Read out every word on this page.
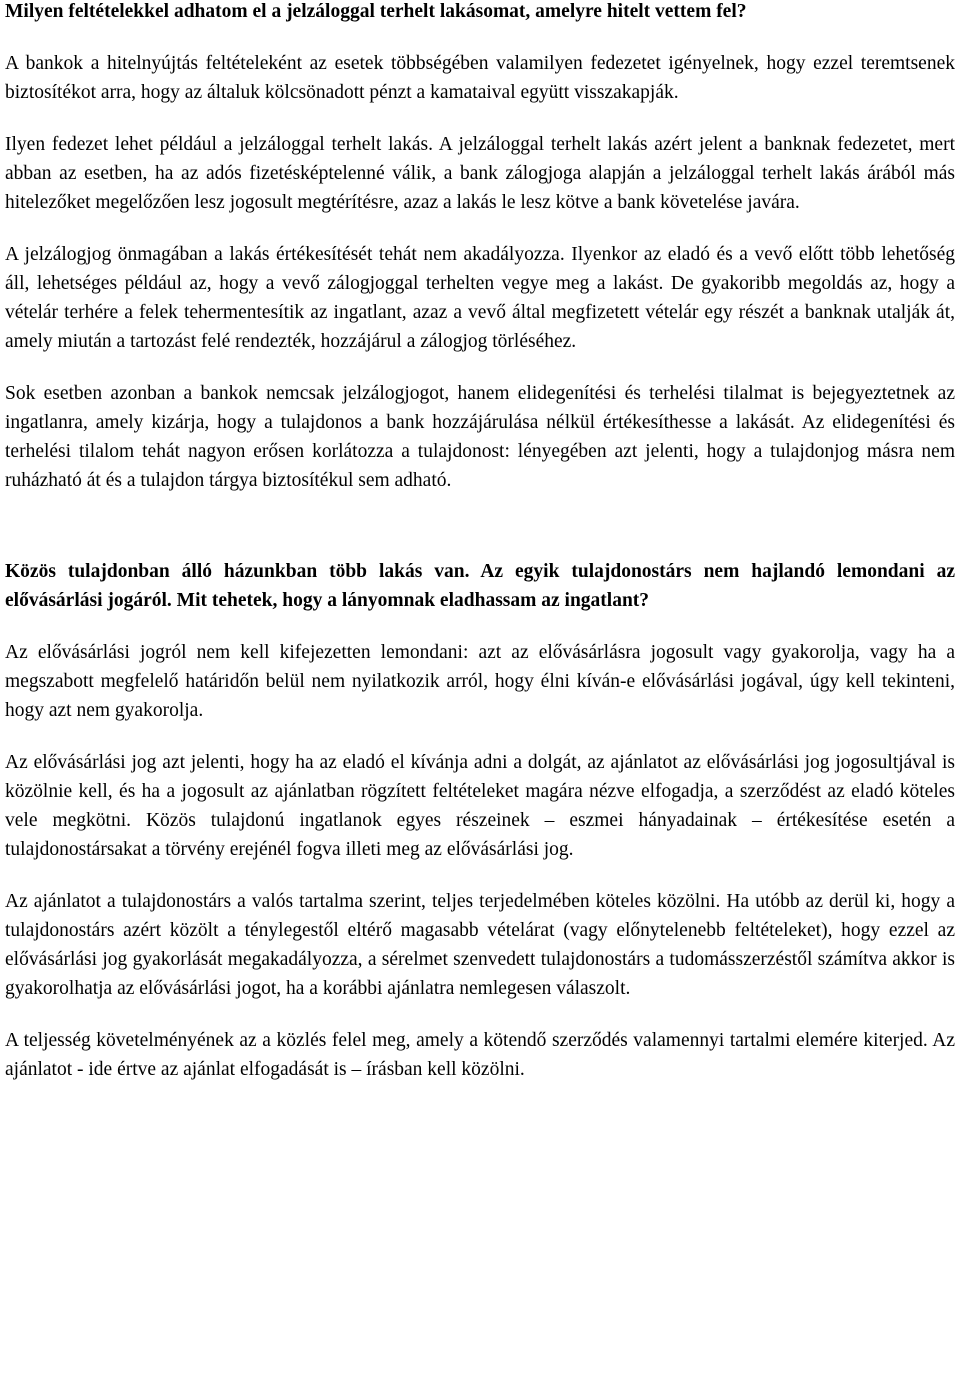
Milyen feltételekkel adhatom el a jelzáloggal terhelt lakásomat, amelyre hitelt vettem fel?

A bankok a hitelnyújtás feltételeként az esetek többségében valamilyen fedezetet igényelnek, hogy ezzel teremtsenek biztosítékot arra, hogy az általuk kölcsönadott pénzt a kamataival együtt visszakapják.

Ilyen fedezet lehet például a jelzáloggal terhelt lakás. A jelzáloggal terhelt lakás azért jelent a banknak fedezetet, mert abban az esetben, ha az adós fizetésképtelenné válik, a bank zálogjoga alapján a jelzáloggal terhelt lakás árából más hitelezőket megelőzően lesz jogosult megtérítésre, azaz a lakás le lesz kötve a bank követelése javára.

A jelzálogjog önmagában a lakás értékesítését tehát nem akadályozza. Ilyenkor az eladó és a vevő előtt több lehetőség áll, lehetséges például az, hogy a vevő zálogjoggal terhelten vegye meg a lakást. De gyakoribb megoldás az, hogy a vételár terhére a felek tehermentesítik az ingatlant, azaz a vevő által megfizetett vételár egy részét a banknak utalják át, amely miután a tartozást felé rendezték, hozzájárul a zálogjog törléséhez.

Sok esetben azonban a bankok nemcsak jelzálogjogot, hanem elidegenítési és terhelési tilalmat is bejegyeztetnek az ingatlanra, amely kizárja, hogy a tulajdonos a bank hozzájárulása nélkül értékesíthesse a lakását. Az elidegenítési és terhelési tilalom tehát nagyon erősen korlátozza a tulajdonost: lényegében azt jelenti, hogy a tulajdonjog másra nem ruházható át és a tulajdon tárgya biztosítékul sem adható.

Közös tulajdonban álló házunkban több lakás van. Az egyik tulajdonostárs nem hajlandó lemondani az elővásárlási jogáról. Mit tehetek, hogy a lányomnak eladhassam az ingatlant?

Az elővásárlási jogról nem kell kifejezetten lemondani: azt az elővásárlásra jogosult vagy gyakorolja, vagy ha a megszabott megfelelő határidőn belül nem nyilatkozik arról, hogy élni kíván-e elővásárlási jogával, úgy kell tekinteni, hogy azt nem gyakorolja.

Az elővásárlási jog azt jelenti, hogy ha az eladó el kívánja adni a dolgát, az ajánlatot az elővásárlási jog jogosultjával is közölnie kell, és ha a jogosult az ajánlatban rögzített feltételeket magára nézve elfogadja, a szerződést az eladó köteles vele megkötni. Közös tulajdonú ingatlanok egyes részeinek – eszmei hányadainak – értékesítése esetén a tulajdonostársakat a törvény erejénél fogva illeti meg az elővásárlási jog.

Az ajánlatot a tulajdonostárs a valós tartalma szerint, teljes terjedelmében köteles közölni. Ha utóbb az derül ki, hogy a tulajdonostárs azért közölt a ténylegestől eltérő magasabb vételárat (vagy előnytelenebb feltételeket), hogy ezzel az elővásárlási jog gyakorlását megakadályozza, a sérelmet szenvedett tulajdonostárs a tudomásszerzéstől számítva akkor is gyakorolhatja az elővásárlási jogot, ha a korábbi ajánlatra nemlegesen válaszolt.

A teljesség követelményének az a közlés felel meg, amely a kötendő szerződés valamennyi tartalmi elemére kiterjed. Az ajánlatot - ide értve az ajánlat elfogadását is – írásban kell közölni.
